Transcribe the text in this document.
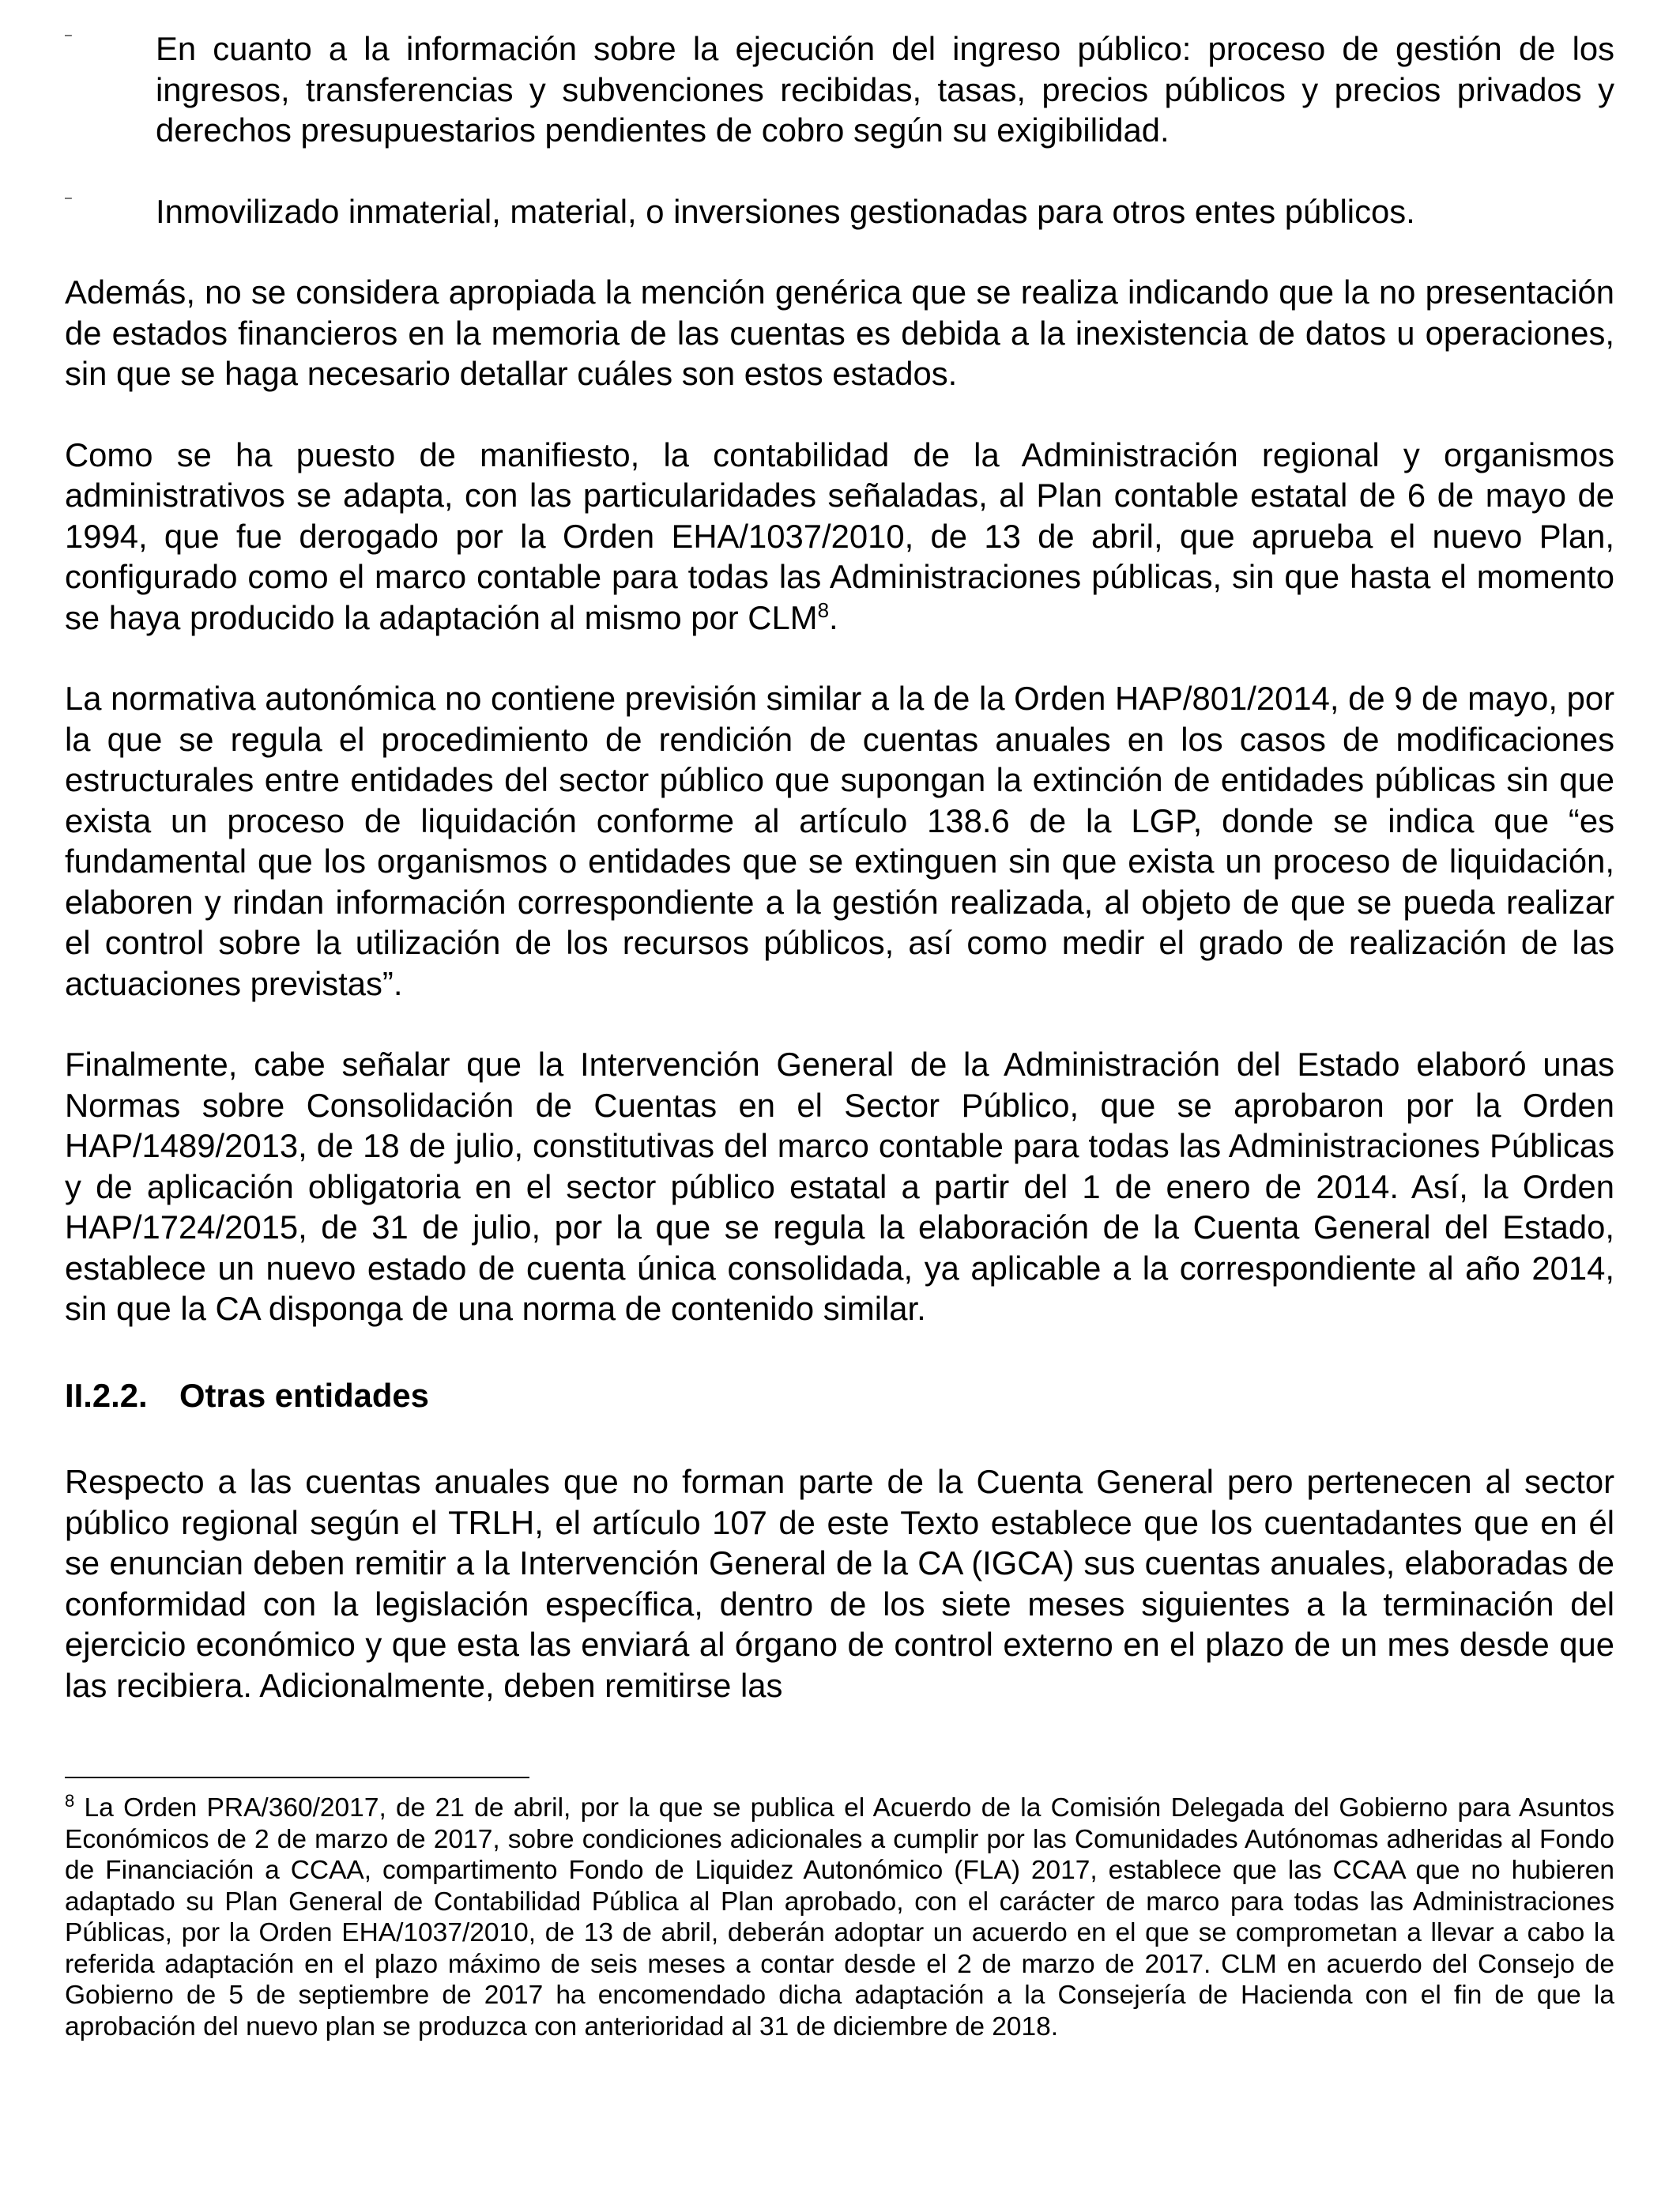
–	En cuanto a la información sobre la ejecución del ingreso público: proceso de gestión de los ingresos, transferencias y subvenciones recibidas, tasas, precios públicos y precios privados y derechos presupuestarios pendientes de cobro según su exigibilidad.

–	Inmovilizado inmaterial, material, o inversiones gestionadas para otros entes públicos.

Además, no se considera apropiada la mención genérica que se realiza indicando que la no presentación de estados financieros en la memoria de las cuentas es debida a la inexistencia de datos u operaciones, sin que se haga necesario detallar cuáles son estos estados.

Como se ha puesto de manifiesto, la contabilidad de la Administración regional y organismos administrativos se adapta, con las particularidades señaladas, al Plan contable estatal de 6 de mayo de 1994, que fue derogado por la Orden EHA/1037/2010, de 13 de abril, que aprueba el nuevo Plan, configurado como el marco contable para todas las Administraciones públicas, sin que hasta el momento se haya producido la adaptación al mismo por CLM$^8$.

La normativa autonómica no contiene previsión similar a la de la Orden HAP/801/2014, de 9 de mayo, por la que se regula el procedimiento de rendición de cuentas anuales en los casos de modificaciones estructurales entre entidades del sector público que supongan la extinción de entidades públicas sin que exista un proceso de liquidación conforme al artículo 138.6 de la LGP, donde se indica que “es fundamental que los organismos o entidades que se extinguen sin que exista un proceso de liquidación, elaboren y rindan información correspondiente a la gestión realizada, al objeto de que se pueda realizar el control sobre la utilización de los recursos públicos, así como medir el grado de realización de las actuaciones previstas”.

Finalmente, cabe señalar que la Intervención General de la Administración del Estado elaboró unas Normas sobre Consolidación de Cuentas en el Sector Público, que se aprobaron por la Orden HAP/1489/2013, de 18 de julio, constitutivas del marco contable para todas las Administraciones Públicas y de aplicación obligatoria en el sector público estatal a partir del 1 de enero de 2014. Así, la Orden HAP/1724/2015, de 31 de julio, por la que se regula la elaboración de la Cuenta General del Estado, establece un nuevo estado de cuenta única consolidada, ya aplicable a la correspondiente al año 2014, sin que la CA disponga de una norma de contenido similar.

II.2.2. Otras entidades

Respecto a las cuentas anuales que no forman parte de la Cuenta General pero pertenecen al sector público regional según el TRLH, el artículo 107 de este Texto establece que los cuentadantes que en él se enuncian deben remitir a la Intervención General de la CA (IGCA) sus cuentas anuales, elaboradas de conformidad con la legislación específica, dentro de los siete meses siguientes a la terminación del ejercicio económico y que esta las enviará al órgano de control externo en el plazo de un mes desde que las recibiera. Adicionalmente, deben remitirse las

$^8$ La Orden PRA/360/2017, de 21 de abril, por la que se publica el Acuerdo de la Comisión Delegada del Gobierno para Asuntos Económicos de 2 de marzo de 2017, sobre condiciones adicionales a cumplir por las Comunidades Autónomas adheridas al Fondo de Financiación a CCAA, compartimento Fondo de Liquidez Autonómico (FLA) 2017, establece que las CCAA que no hubieren adaptado su Plan General de Contabilidad Pública al Plan aprobado, con el carácter de marco para todas las Administraciones Públicas, por la Orden EHA/1037/2010, de 13 de abril, deberán adoptar un acuerdo en el que se comprometan a llevar a cabo la referida adaptación en el plazo máximo de seis meses a contar desde el 2 de marzo de 2017. CLM en acuerdo del Consejo de Gobierno de 5 de septiembre de 2017 ha encomendado dicha adaptación a la Consejería de Hacienda con el fin de que la aprobación del nuevo plan se produzca con anterioridad al 31 de diciembre de 2018.
